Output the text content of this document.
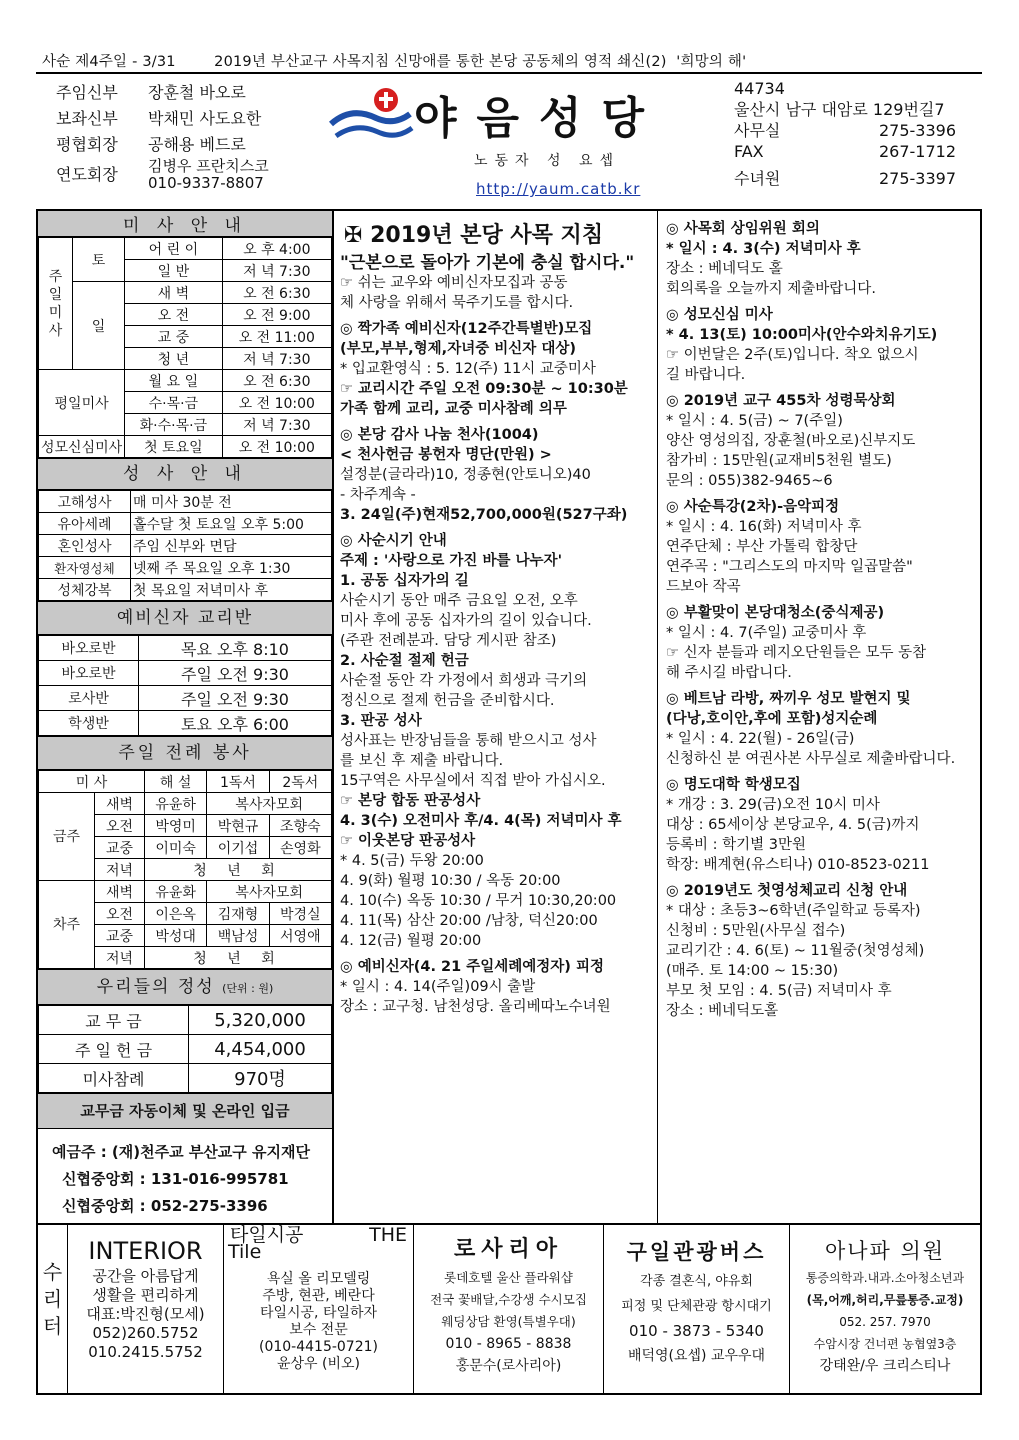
사순 제4주일 - 3/31        2019년 부산교구 사목지침 신망애를 통한 본당 공동체의 영적 쇄신(2)  '희망의 해'
주임신부	장훈철 바오로
보좌신부	박채민 사도요한
평협회장	공해용 베드로
연도회장	김병우 프란치스코
010-9337-8807
야음성당
노동자 성 요셉
http://yaum.catb.kr
44734
울산시 남구 대암로 129번길7
사무실	275-3396
FAX	267-1712
수녀원	275-3397
미 사 안 내
주
일
미
사	토	어 린 이	오 후 4:00
		일 반	저 녁 7:30
	일	새 벽	오 전 6:30
		오 전	오 전 9:00
		교 중	오 전 11:00
		청 년	저 녁 7:30
평일미사		월 요 일	오 전 6:30
		수·목·금	오 전 10:00
		화·수·목·금	저 녁 7:30
성모신심미사		첫 토요일	오 전 10:00
성 사 안 내
고해성사	매 미사 30분 전
유아세례	홀수달 첫 토요일 오후 5:00
혼인성사	주임 신부와 면담
환자영성체	넷째 주 목요일 오후 1:30
성체강복	첫 목요일 저녁미사 후
예비신자 교리반
바오로반	목요 오후 8:10
바오로반	주일 오전 9:30
로사반	주일 오전 9:30
학생반	토요 오후 6:00
주일 전례 봉사
미 사		해 설	1독서	2독서
금주	새벽	유윤하	복사자모회	
	오전	박영미	박현규	조향숙
	교중	이미숙	이기섭	손영화
	저녁	청 년 회		
차주	새벽	유윤화	복사자모회	
	오전	이은옥	김재형	박경실
	교중	박성대	백남성	서영애
	저녁	청 년 회		
우리들의 정성 (단위 : 원)
교 무 금	5,320,000
주 일 헌 금	4,454,000
미사참례	970명
교무금 자동이체 및 온라인 입금
예금주 : (재)천주교 부산교구 유지재단
신협중앙회 : 131-016-995781
신협중앙회 : 052-275-3396

✠ 2019년 본당 사목 지침

"근본으로 돌아가 기본에 충실 합시다."

☞ 쉬는 교우와 예비신자모집과 공동

체 사랑을 위해서 묵주기도를 합시다.

◎ 짝가족 예비신자(12주간특별반)모집

(부모,부부,형제,자녀중 비신자 대상)

* 입교환영식 : 5. 12(주) 11시 교중미사

☞ 교리시간 주일 오전 09:30분 ~ 10:30분

가족 함께 교리, 교중 미사참례 의무

◎ 본당 감사 나눔 천사(1004)

< 천사헌금 봉헌자 명단(만원) >

설정분(글라라)10, 정종현(안토니오)40

- 차주계속 -

3. 24일(주)현재52,700,000원(527구좌)

◎ 사순시기 안내

주제 : '사랑으로 가진 바를 나누자'

1. 공동 십자가의 길

사순시기 동안 매주 금요일 오전, 오후

미사 후에 공동 십자가의 길이 있습니다.

(주관 전례분과. 담당 게시판 참조)

2. 사순절 절제 헌금

사순절 동안 각 가정에서 희생과 극기의

정신으로 절제 헌금을 준비합시다.

3. 판공 성사

성사표는 반장님들을 통해 받으시고 성사

를 보신 후 제출 바랍니다.

15구역은 사무실에서 직접 받아 가십시오.

☞ 본당 합동 판공성사

4. 3(수) 오전미사 후/4. 4(목) 저녁미사 후

☞ 이웃본당 판공성사

* 4. 5(금) 두왕 20:00

4. 9(화) 월평 10:30 / 옥동 20:00

4. 10(수) 옥동 10:30 / 무거 10:30,20:00

4. 11(목) 삼산 20:00 /남창, 덕신20:00

4. 12(금) 월평 20:00

◎ 예비신자(4. 21 주일세례예정자) 피정

* 일시 : 4. 14(주일)09시 출발

장소 : 교구청. 남천성당. 올리베따노수녀원

◎ 사목회 상임위원 회의

* 일시 : 4. 3(수) 저녁미사 후

장소 : 베네딕도 홀

회의록을 오늘까지 제출바랍니다.

◎ 성모신심 미사

* 4. 13(토) 10:00미사(안수와치유기도)

☞ 이번달은 2주(토)입니다. 착오 없으시

길 바랍니다.

◎ 2019년 교구 455차 성령묵상회

* 일시 : 4. 5(금) ~ 7(주일)

양산 영성의집, 장훈철(바오로)신부지도

참가비 : 15만원(교재비5천원 별도)

문의 : 055)382-9465~6

◎ 사순특강(2차)-음악피정

* 일시 : 4. 16(화) 저녁미사 후

연주단체 : 부산 가톨릭 합창단

연주곡 : "그리스도의 마지막 일곱말씀"

드보아 작곡

◎ 부활맞이 본당대청소(중식제공)

* 일시 : 4. 7(주일) 교중미사 후

☞ 신자 분들과 레지오단원들은 모두 동참

해 주시길 바랍니다.

◎ 베트남 라방, 짜끼우 성모 발현지 및

(다낭,호이안,후에 포함)성지순례

* 일시 : 4. 22(월) - 26일(금)

신청하신 분 여권사본 사무실로 제출바랍니다.

◎ 명도대학 학생모집

* 개강 : 3. 29(금)오전 10시 미사

대상 : 65세이상 본당교우, 4. 5(금)까지

등록비 : 학기별 3만원

학장: 배계현(유스티나) 010-8523-0211

◎ 2019년도 첫영성체교리 신청 안내

* 대상 : 초등3~6학년(주일학교 등록자)

신청비 : 5만원(사무실 접수)

교리기간 : 4. 6(토) ~ 11월중(첫영성체)

(매주. 토 14:00 ~ 15:30)

부모 첫 모임 : 4. 5(금) 저녁미사 후

장소 : 베네딕도홀

수리터
INTERIOR
공간을 아름답게
생활을 편리하게
대표:박진형(모세)
052)260.5752
010.2415.5752
타일시공	THE
Tile
욕실 올 리모델링
주방, 현관, 베란다
타일시공, 타일하자
보수 전문
(010-4415-0721)
윤상우 (비오)
로사리아
롯데호텔 울산 플라워샵
전국 꽃배달,수강생 수시모집
웨딩상담 환영(특별우대)
010 - 8965 - 8838
홍문수(로사리아)
구일관광버스
각종 결혼식, 야유회
피정 및 단체관광 항시대기
010 - 3873 - 5340
배덕영(요셉) 교우우대
아나파 의원
통증의학과.내과.소아청소년과
(목,어깨,허리,무릎통증.교정)
052. 257. 7970
수암시장 건너편 농협옆3층
강태완/우 크리스티나
